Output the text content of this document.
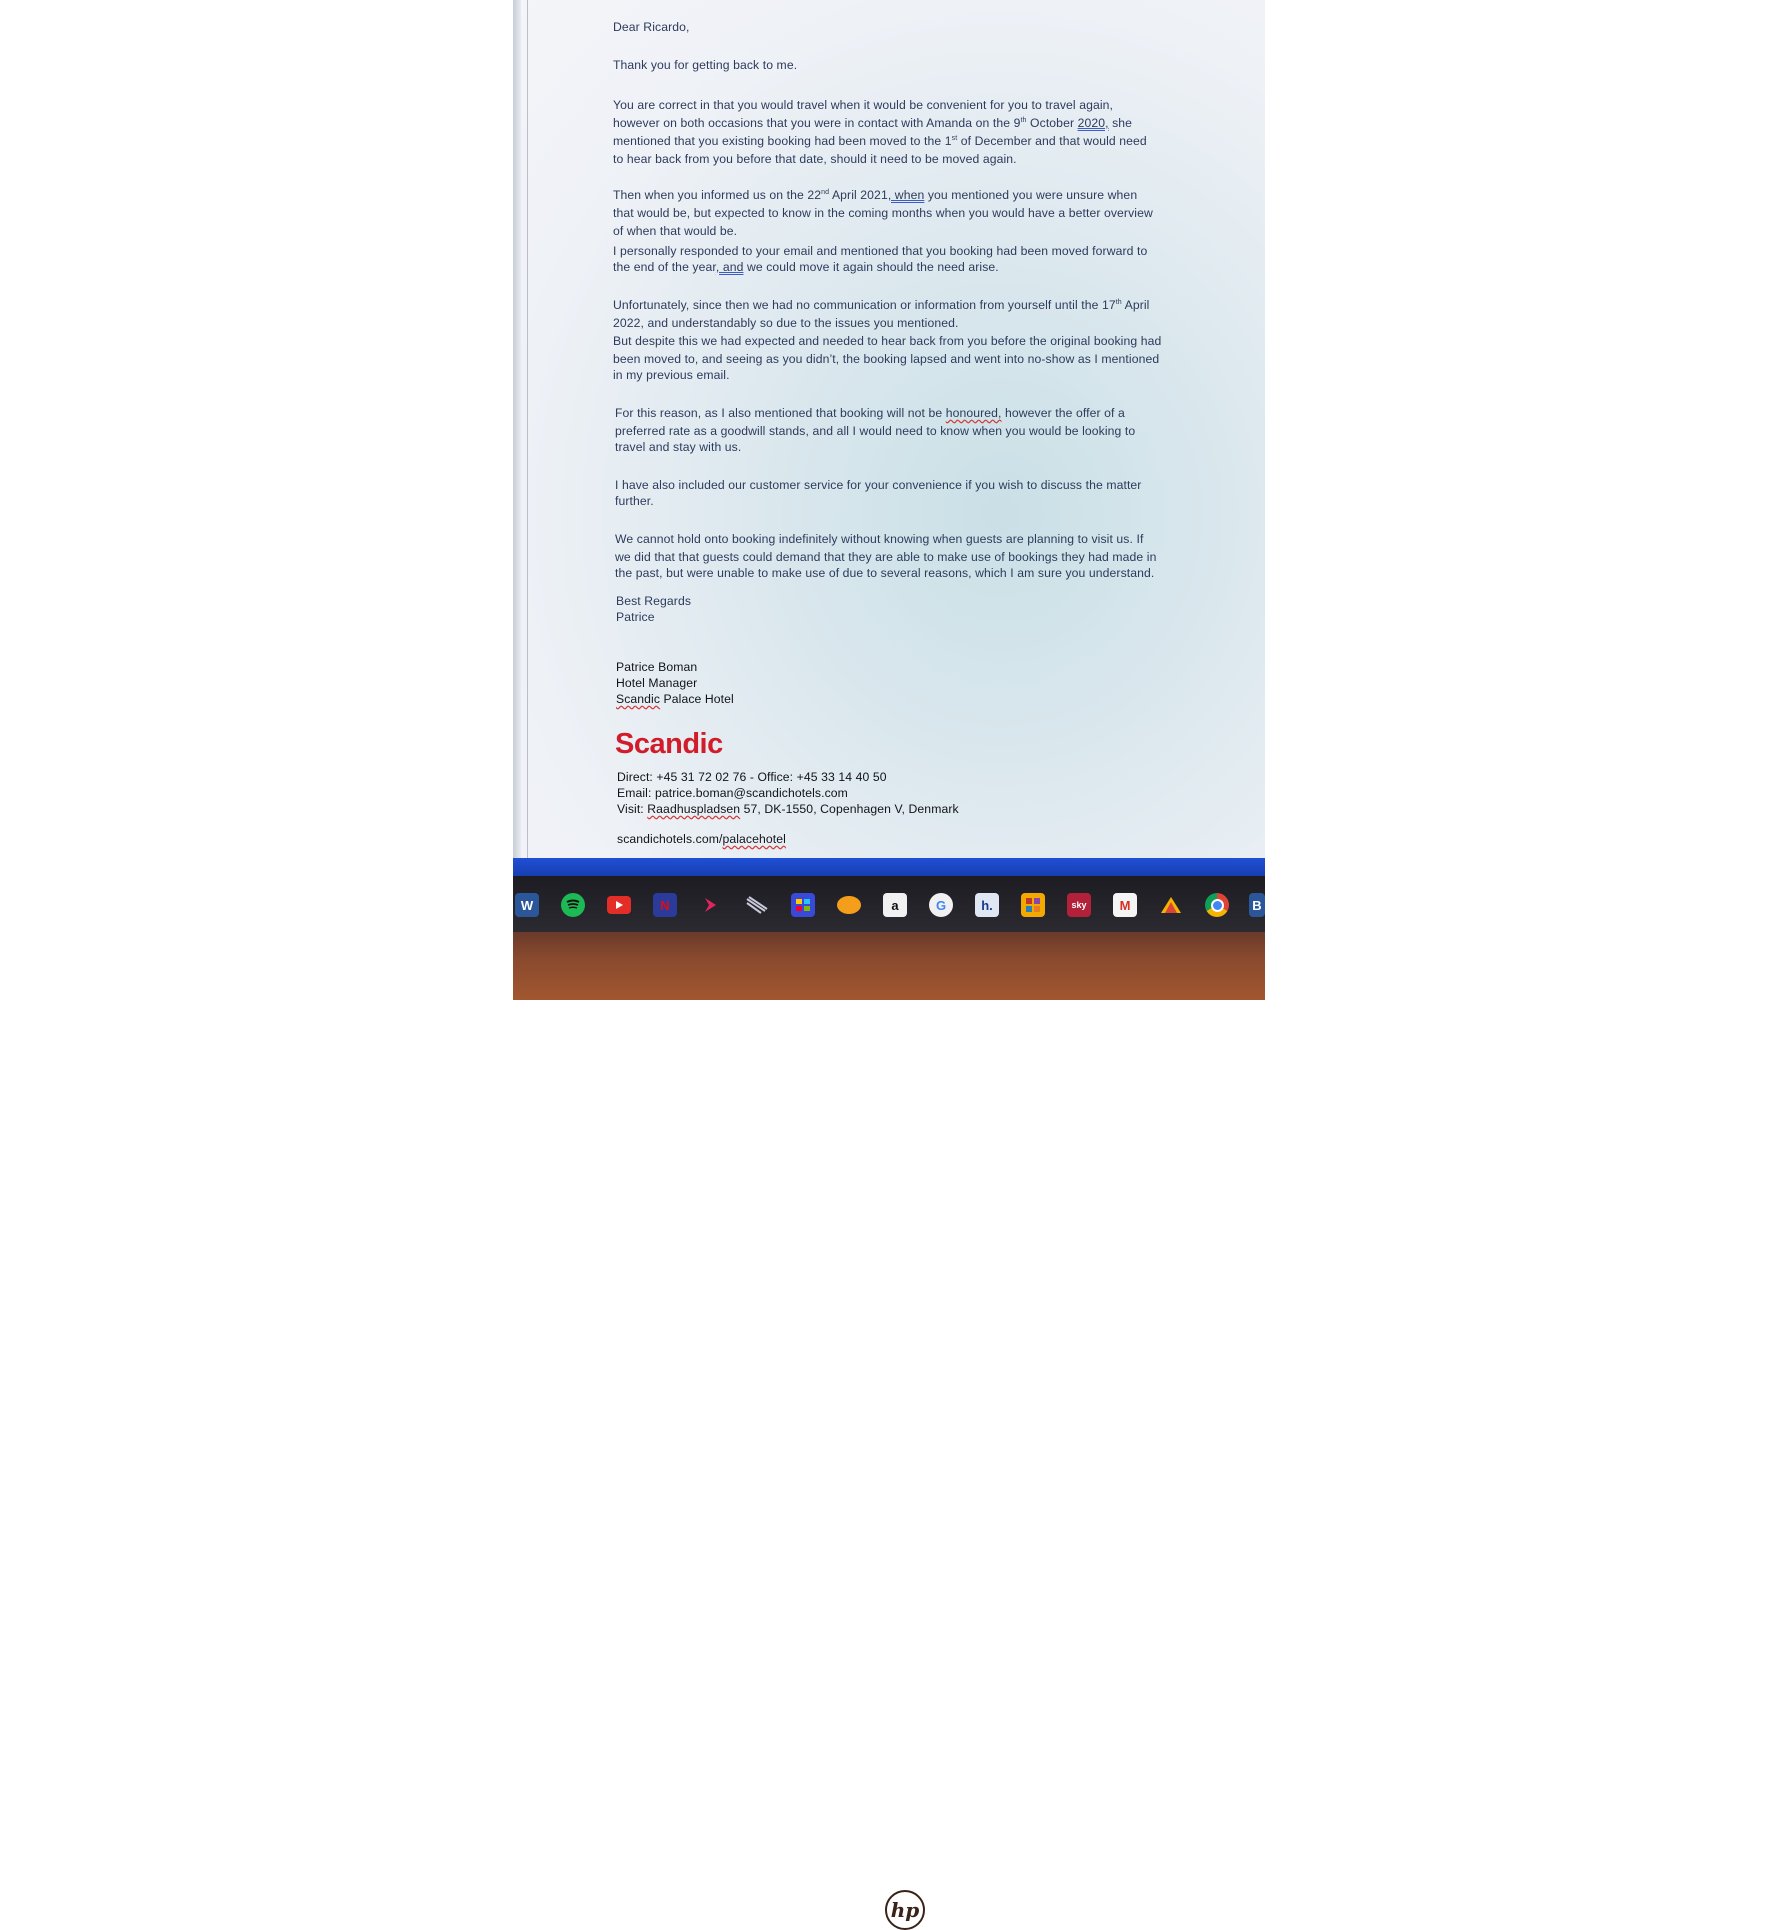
Dear Ricardo,
Thank you for getting back to me.
You are correct in that you would travel when it would be convenient for you to travel again,
however on both occasions that you were in contact with Amanda on the 9th October 2020, she
mentioned that you existing booking had been moved to the 1st of December and that would need
to hear back from you before that date, should it need to be moved again.
Then when you informed us on the 22nd April 2021, when you mentioned you were unsure when
that would be, but expected to know in the coming months when you would have a better overview
of when that would be.
I personally responded to your email and mentioned that you booking had been moved forward to
the end of the year, and we could move it again should the need arise.
Unfortunately, since then we had no communication or information from yourself until the 17th April
2022, and understandably so due to the issues you mentioned.
But despite this we had expected and needed to hear back from you before the original booking had
been moved to, and seeing as you didn’t, the booking lapsed and went into no-show as I mentioned
in my previous email.
For this reason, as I also mentioned that booking will not be honoured, however the offer of a
preferred rate as a goodwill stands, and all I would need to know when you would be looking to
travel and stay with us.
I have also included our customer service for your convenience if you wish to discuss the matter
further.
We cannot hold onto booking indefinitely without knowing when guests are planning to visit us. If
we did that that guests could demand that they are able to make use of bookings they had made in
the past, but were unable to make use of due to several reasons, which I am sure you understand.
Best Regards
Patrice
Patrice Boman
Hotel Manager
Scandic Palace Hotel
Scandic
Direct: +45 31 72 02 76 - Office: +45 33 14 40 50
Email: patrice.boman@scandichotels.com
Visit: Raadhuspladsen 57, DK-1550, Copenhagen V, Denmark
scandichotels.com/palacehotel
W	N	a	G	h.	sky	M	B
hp
